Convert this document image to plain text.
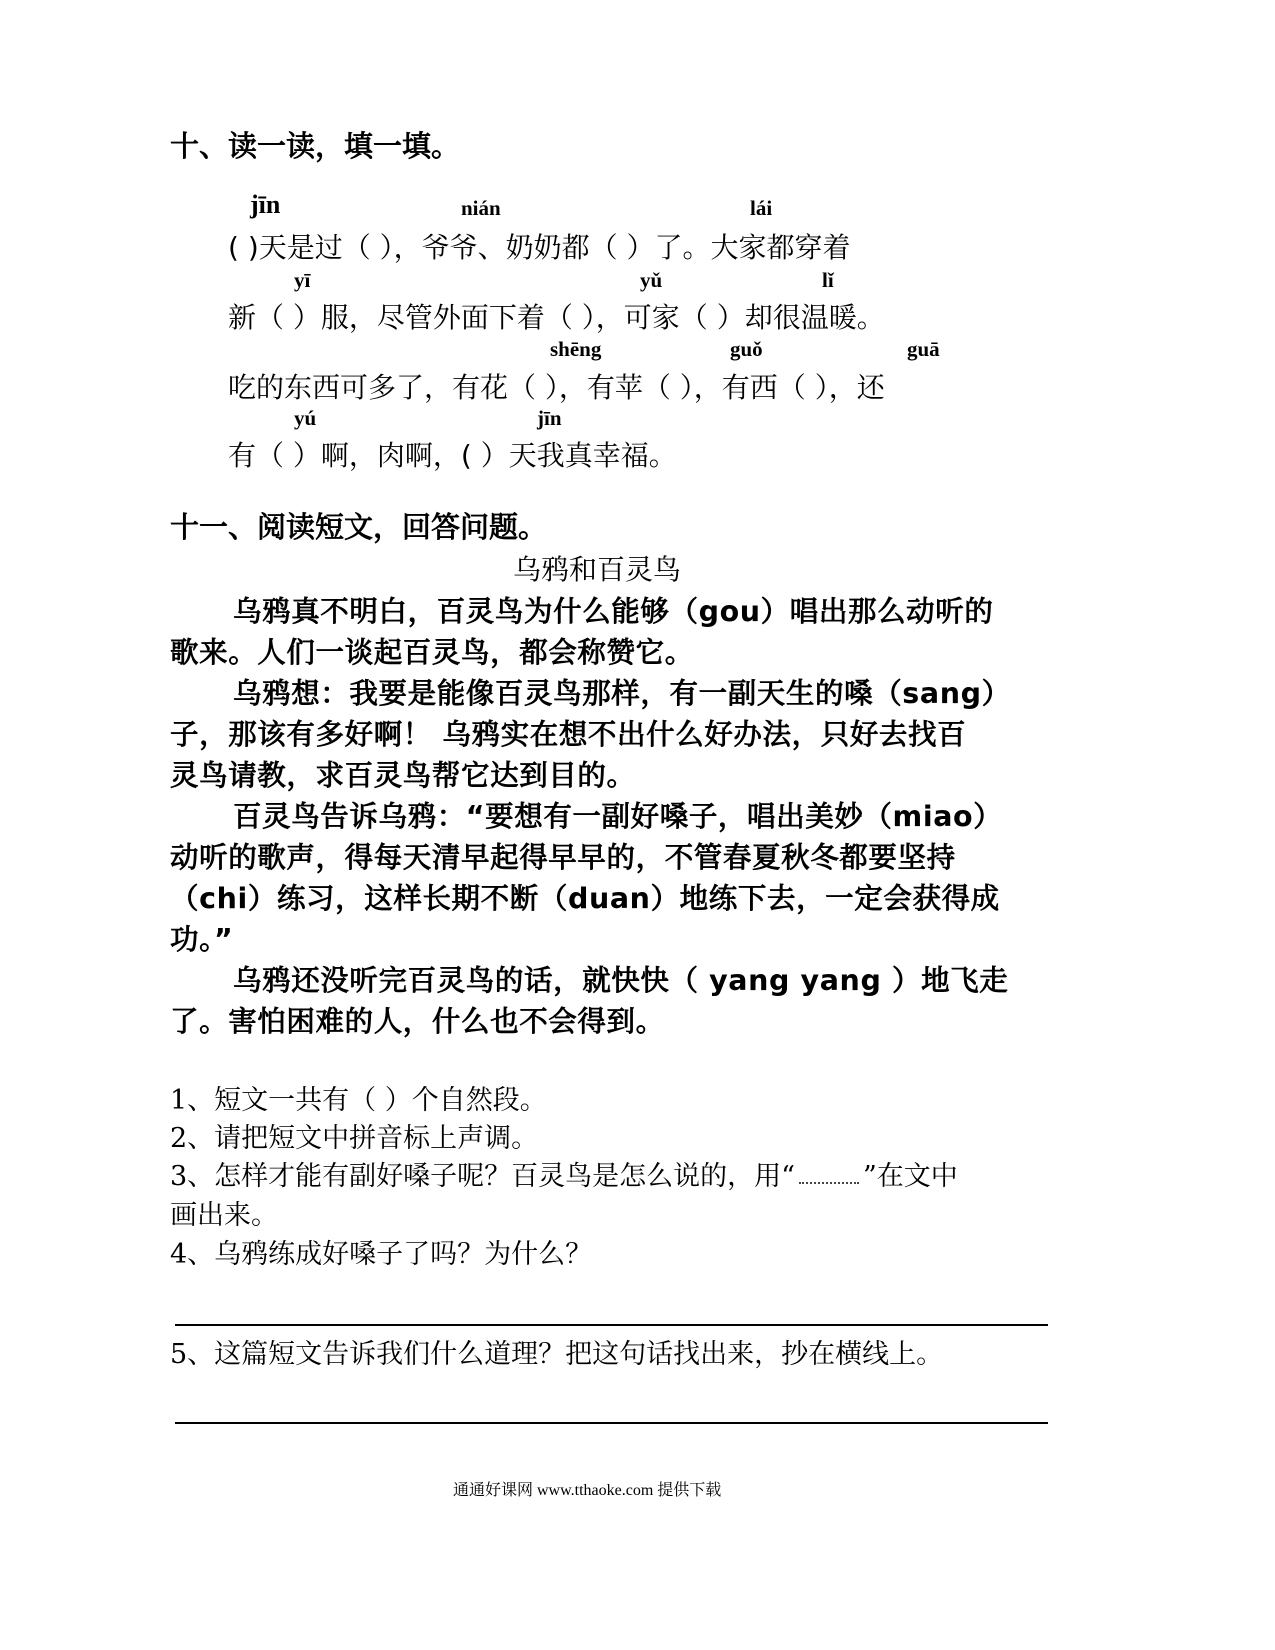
十、读一读，填一填。
jīn	nián	lái
( )天是过（ ），爷爷、奶奶都（ ）了。大家都穿着
yī	yǔ	lǐ
新（ ）服，尽管外面下着（ ），可家（ ）却很温暖。
shēng	guǒ	guā
吃的东西可多了，有花（ ），有苹（ ），有西（ ），还
yú	jīn
有（ ）啊，肉啊，( ）天我真幸福。
十一、阅读短文，回答问题。
乌鸦和百灵鸟
乌鸦真不明白，百灵鸟为什么能够（gou）唱出那么动听的
歌来。人们一谈起百灵鸟，都会称赞它。
乌鸦想：我要是能像百灵鸟那样，有一副天生的嗓（sang）
子，那该有多好啊！ 乌鸦实在想不出什么好办法，只好去找百
灵鸟请教，求百灵鸟帮它达到目的。
百灵鸟告诉乌鸦：“要想有一副好嗓子，唱出美妙（miao）
动听的歌声，得每天清早起得早早的，不管春夏秋冬都要坚持
（chi）练习，这样长期不断（duan）地练下去，一定会获得成
功。”
乌鸦还没听完百灵鸟的话，就快快（ yang yang ）地飞走
了。害怕困难的人，什么也不会得到。
1、短文一共有（ ）个自然段。
2、请把短文中拼音标上声调。
3、怎样才能有副好嗓子呢？百灵鸟是怎么说的，用“	”在文中
画出来。
4、乌鸦练成好嗓子了吗？为什么？
5、这篇短文告诉我们什么道理？把这句话找出来，抄在横线上。
通通好课网 www.tthaoke.com 提供下载
